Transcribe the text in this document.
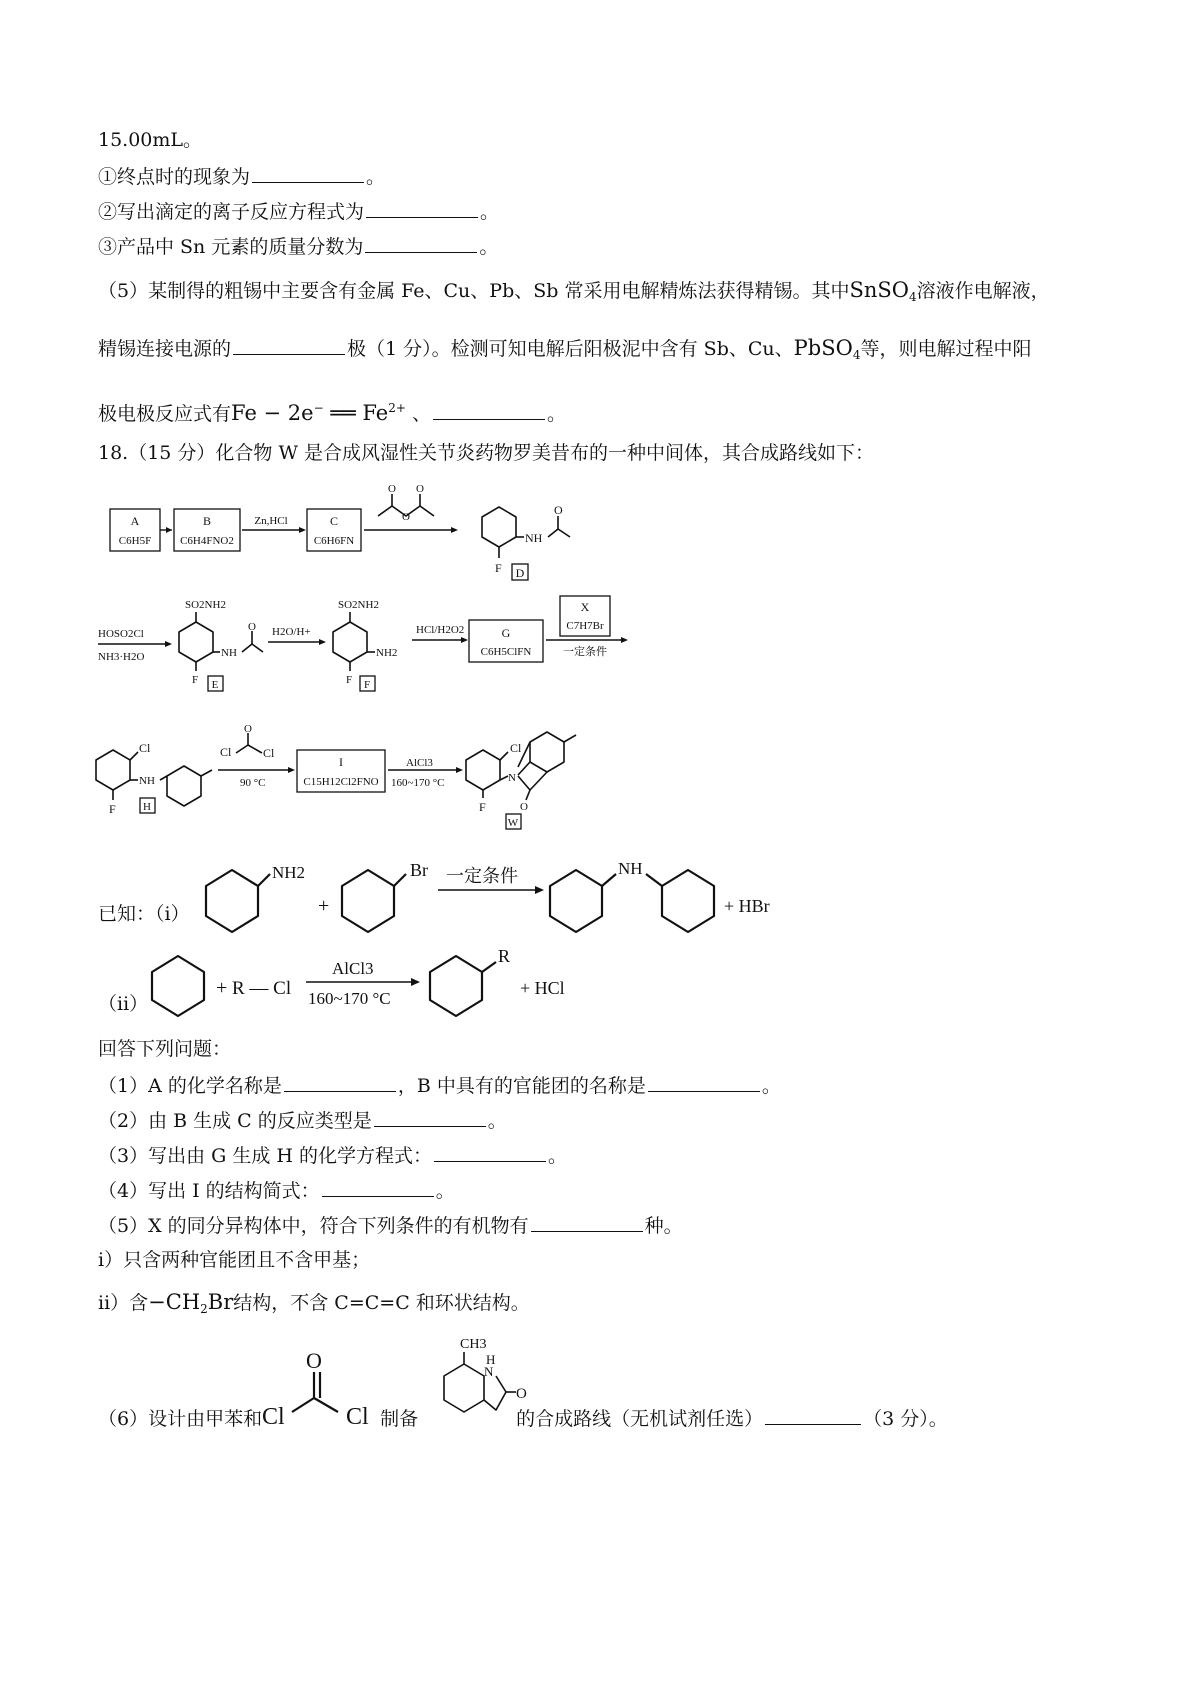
15.00mL。
①终点时的现象为	。
②写出滴定的离子反应方程式为	。
③产品中 Sn 元素的质量分数为	。
（5）某制得的粗锡中主要含有金属 Fe、Cu、Pb、Sb 常采用电解精炼法获得精锡。其中SnSO$_4$溶液作电解液，
精锡连接电源的	极（1 分）。检测可知电解后阳极泥中含有 Sb、Cu、PbSO$_4$等，则电解过程中阳
极电极反应式有Fe − 2e− ══ $Fe^{2+}$ 、	。
18.（15 分）化合物 W 是合成风湿性关节炎药物罗美昔布的一种中间体，其合成路线如下：
A
C6H5F
B
C6H4FNO2
Zn,HCl	C
C6H6FN
O O
O
F
NH
O
D
HOSO2Cl
NH3·H2O
SO2NH2
F
NH
O
E
H2O/H+
SO2NH2
F
NH2
F
HCl/H2O2	G
C6H5ClFN
X
C7H7Br
一定条件
Cl
F
NH
H
Cl
O
Cl
90 °C
I
C15H12Cl2FNO
AlCl3
160~170 °C
Cl
F
N
O
W
已知：（ⅰ）
NH2
+
Br 一定条件	NH
+ HBr
（ⅱ）
+ R — Cl
AlCl3
160~170 °C
R
+ HCl
回答下列问题：
（1）A 的化学名称是	，B 中具有的官能团的名称是	。
（2）由 B 生成 C 的反应类型是	。
（3）写出由 G 生成 H 的化学方程式：	。
（4）写出 I 的结构简式：	。
（5）X 的同分异构体中，符合下列条件的有机物有	种。
ⅰ）只含两种官能团且不含甲基；
ⅱ）含$-CH_2Br$结构，不含 C=C=C 和环状结构。
（6）设计由甲苯和	制备	的合成路线（无机试剂任选）	（3 分）。
Cl
O
Cl
CH3
H
N
O
